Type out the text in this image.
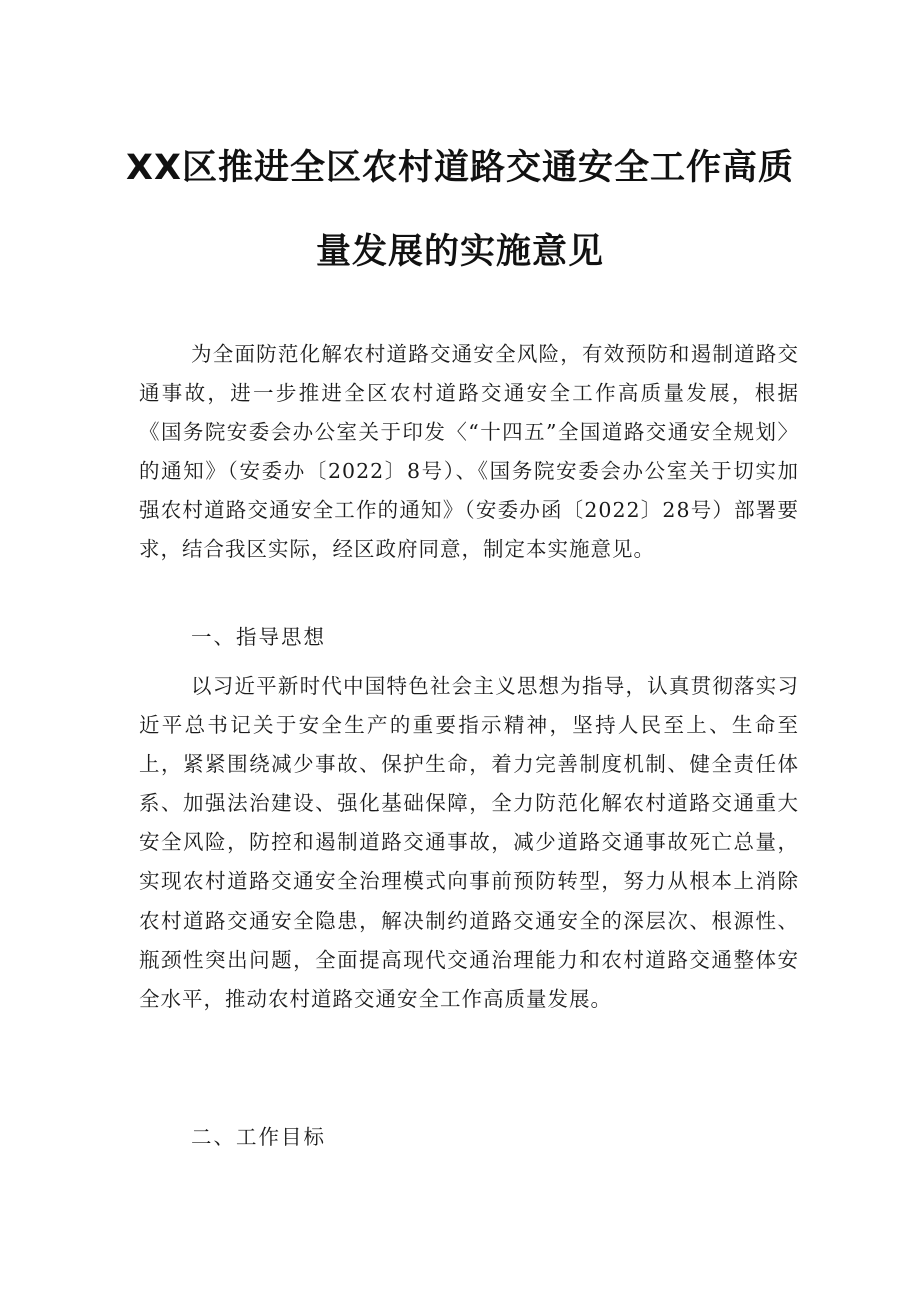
XX区推进全区农村道路交通安全工作高质
量发展的实施意见

为全面防范化解农村道路交通安全风险，有效预防和遏制道路交通事故，进一步推进全区农村道路交通安全工作高质量发展，根据《国务院安委会办公室关于印发〈“十四五”全国道路交通安全规划〉的通知》（安委办〔2022〕8号）、《国务院安委会办公室关于切实加强农村道路交通安全工作的通知》（安委办函〔2022〕28号）部署要求，结合我区实际，经区政府同意，制定本实施意见。

一、指导思想

以习近平新时代中国特色社会主义思想为指导，认真贯彻落实习近平总书记关于安全生产的重要指示精神，坚持人民至上、生命至上，紧紧围绕减少事故、保护生命，着力完善制度机制、健全责任体系、加强法治建设、强化基础保障，全力防范化解农村道路交通重大安全风险，防控和遏制道路交通事故，减少道路交通事故死亡总量，实现农村道路交通安全治理模式向事前预防转型，努力从根本上消除农村道路交通安全隐患，解决制约道路交通安全的深层次、根源性、瓶颈性突出问题，全面提高现代交通治理能力和农村道路交通整体安全水平，推动农村道路交通安全工作高质量发展。

二、工作目标
